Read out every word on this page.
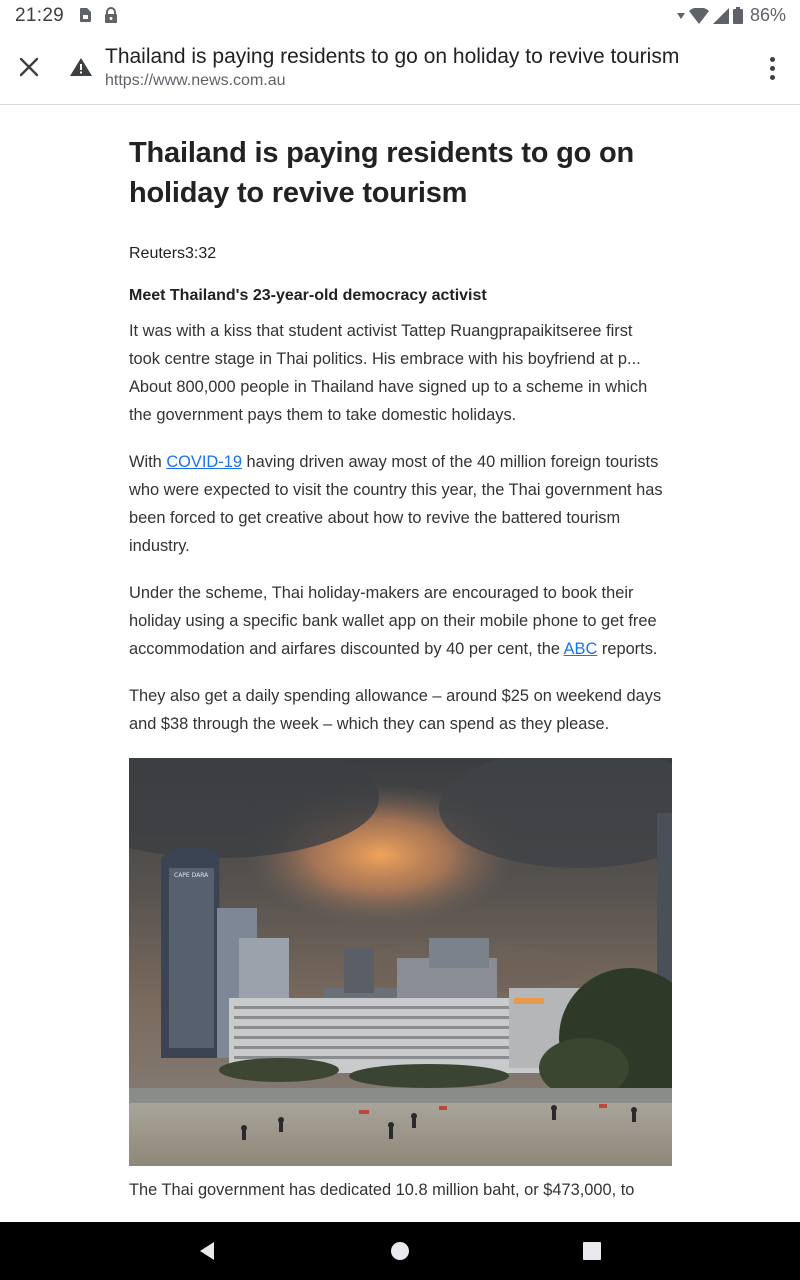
21:29	86%
Thailand is paying residents to go on holiday to revive tourism
https://www.news.com.au
Thailand is paying residents to go on holiday to revive tourism
Reuters3:32
Meet Thailand's 23-year-old democracy activist

It was with a kiss that student activist Tattep Ruangprapaikitseree first
took centre stage in Thai politics. His embrace with his boyfriend at p...
About 800,000 people in Thailand have signed up to a scheme in which the government pays them to take domestic holidays.

With COVID-19 having driven away most of the 40 million foreign tourists who were expected to visit the country this year, the Thai government has been forced to get creative about how to revive the battered tourism industry.

Under the scheme, Thai holiday-makers are encouraged to book their holiday using a specific bank wallet app on their mobile phone to get free accommodation and airfares discounted by 40 per cent, the ABC reports.

They also get a daily spending allowance – around $25 on weekend days and $38 through the week – which they can spend as they please.

CAPE DARA
The Thai government has dedicated 10.8 million baht, or $473,000, to
